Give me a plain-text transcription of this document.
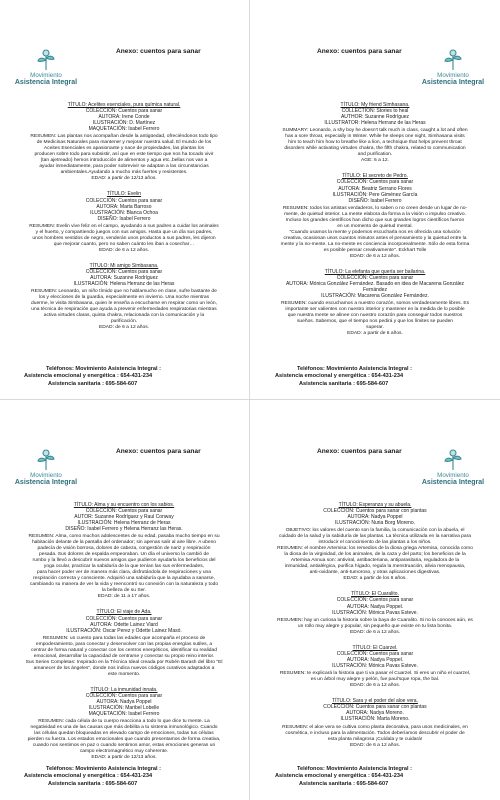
Movimiento
Asistencia Integral
Anexo: cuentos para sanar
TÍTULO: Acelites esenciales, pura química natural.
COLECCIÓN: Cuentos para sanar
AUTORA: Irene Conde
ILUSTRACIÓN: D. Martínez
MAQUETACIÓN: Isabel Ferrero
RESUMEN: Las plantas nos acompañan desde la antigüedad, ofreciéndonos todo tipo
de Medicinas Naturales para mantener y mejorar nuestra salud. El mundo de los
Aceites Esenciales es apasionante y nace de propiedades, las plantas los
producen sobre todo para subsistir, así que en este tiempo que nos ha tocado vivir
(tan ajetreado) hemos introducción de alimentos y agua etc.,bellas nos van a
ayudar inmediatamente, para poder sobrevivir se adaptan a las circunstancias
ambientales.Ayudando a mucho más fuertes y resistentes.
EDAD: a partir de 12/13 años.
TÍTULO: Evelin
COLECCIÓN: Cuentos para sanar
AUTORA: Marta Barroso
ILUSTRACIÓN: Blanca Ochoa
DISEÑO: Isabel Ferrero
RESUMEN: Evelin vive feliz en el campo, ayudando a sus padres a cuidar los animales
y el huerto, y compartiendo juegos con sus amigos. Hasta que un día sus padres,
unos hombres vestidos de negro, venderán unos productos a sus padres, les dijeron
que mejorar cuanto, pero no saben cuánto les iban a cosechar…
EDAD: de 6 a 12 años.
TÍTULO: Mi amigo Simbasana.
COLECCIÓN: Cuentos para sanar
AUTORA: Suzanne Rodríguez
ILUSTRACIÓN: Helena Herranz de las Heras
RESUMEN: Leonardo, un niño tímido que no hablamucho en clase, sufre bastante de
los y elecciones de la guardia, especialmente en invierno. Una noche mientras
duerme, le visita Simbasana, quien le enseña a escucharse en respirar como un león,
una técnica de respiración que ayuda a prevenir enfermedades respiratorias mientras
activa virtudes claras, quinta chakra, relacionada con la comunicación y la
purificación.
EDAD: de 6 a 12 años.
Teléfonos: Movimiento Asistencia Integral :
Asistencia emocional y energética : 654-431-234
Asistencia sanitaria : 695-584-607
Movimiento
Asistencia Integral
Anexo: cuentos para sanar
TÍTULO: My friend Simhasana.
COLLECTION: Stories to heal
AUTHOR: Suzanne Rodríguez
ILLUSTRATOR: Helena Herranz de las Heras
SUMMARY: Leonardo, a shy boy he doesn't talk much in class, caught a lot and often
has a sore throat, especially in Winter. While he sleeps one night, Simhasana visits
him to teach him how to breathe like a lion, a technique that helps prevent throat
disorders while activating virtudes chakra, the fifth chakra, related to communication
and purification.
AGE: 6 a 12.
TÍTULO: El secreto de Pedro.
COLECCIÓN: Cuentos para sanar
AUTORA: Beatriz Serrano Flores
ILUSTRACIÓN: Pere Giménez García
DISEÑO: Isabel Ferrero
RESUMEN: todos los artistas verdaderos, lo saben o no creen desde un lugar de no-
mente, de quietud interior. La mente elabora da forma a la visión o impulso creativo.
Incluso los grandes científicos han dicho que sus grandes logros científicos fueron
en un momento de quietud mental.
"Cuando usamos la mente y podemos escucharla nos es ofrecida una solución
creativa, ocasionan unos cuantos minutos antes el pensamiento y la quietud entre la
mente y la no-mente. La no-mente es conciencia incorporealmente. Sólo de esta forma
es posible pensar creativamente". Eckhart Tolle
EDAD: de 6 a 12 años.
TÍTULO: La elefanta que quería ser bailarina.
COLECCIÓN: Cuentos para sanar
AUTORA: Mónica González Fernández. Basado en idea de Macarena González
Fernández
ILUSTRACIÓN: Macarena González Fernández.
RESUMEN: cuando escuchamos a nuestro corazón, somos verdaderamente libres. Es
importante ser valientes con nuestro interior y mantener en la medida de lo posible
que nuestra mente se alinee con nuestro corazón para conseguir todos nuestros
sueños. Sabemos, que el tiempo nos pedirá y que los límites se pueden
superar.
EDAD: a partir de 6 años.
Teléfonos: Movimiento Asistencia Integral :
Asistencia emocional y energética : 654-431-234
Asistencia sanitaria : 695-584-607
Movimiento
Asistencia Integral
Anexo: cuentos para sanar
TÍTULO: Alma y su encuentro con los sabios.
COLECCIÓN: Cuentos para sanar
AUTOR: Suzanne Rodríguez y Raul Conway
ILUSTRACIÓN: Helena Herranz de Heras
DISEÑO: Isabel Ferrero y Helena Herranz las Heras.
RESUMEN: Alma, como muchos adolescentes de su edad, pasaba mucho tiempo en su
habitación delante de la pantalla del ordenador; sin apenas salir al aire libre. A ubeno
padecía de visión borrosa, dolores de cabeza, congestión de nariz y respiración
pesada. Sus dolores de espalda empeoraban. Un día el universo la cambió de
rumbo y la llevó a descubrir nuevos amigos que pudieron ayudarla los beneficios del
yoga ocular, practicar la sabiduría de la que tenían las sus enfermedades,
para hacer poder ver de manera más clara, disfrutándola de respiraciones y una
respiración correcta y consciente. Adquirió una sabiduría que la ayudaba a sanarse,
cambiando su manera de ver la vida y reencontró su conexión con la naturaleza y todo
la belleza de su Ser.
EDAD: de 11 a 17 años.
TÍTULO: El viaje de Ada.
COLECCIÓN: Cuentos para sanar
AUTORA: Odette Lainez Viard
ILUSTRACIÓN: Oscar Perez y Odette Lainez Masó.
RESUMEN: un cuento para todas las edades que acompaña el proceso de
empoderamiento, para conectar y desenvolver con las propias energías sutiles, a
centrar de forma natural y conectar con los centros energéticos, identificar su realidad
emocional, desarrollar la capacidad de centrarse y conectar su propio reino interior.
Sus Series Completas: Inspirado en la Técnica Ideal creada por Rubén Barash del libro "El
amanecer de los ángeles", donde nos indica nuevos códigos curativos adaptados a
este momento.
TÍTULO: La inmunidad innata.
COLECCIÓN: Cuentos para sanar
AUTORA: Nadya Poppel
ILUSTRACIÓN: Maribel Lobelle
MAQUETACIÓN: Isabel Ferrero
RESUMEN: cada célula de tu cuerpo reacciona a todo lo que dice tu mente. La
negatividad es una de las causas que más debilita a tu sistema inmunológico. Cuando
las células quedan bloqueadas en elevado campo de emociones, todas tus células
pierden su fuerza. Los estados emocionales que cuando presentamos de forma creativa,
cuando nos sentimos en paz o cuando sentimos amor, estas emociones generan un
campo electromagnético muy coherente.
EDAD: a partir de 12/13 años.
Teléfonos: Movimiento Asistencia Integral :
Asistencia emocional y energética : 654-431-234
Asistencia sanitaria : 695-584-607
Movimiento
Asistencia Integral
Anexo: cuentos para sanar
TÍTULO: Esperanza y su abuela.
COLECCIÓN: Cuentos para sanar con plantas
AUTORA: Nadya Poppel
ILUSTRACIÓN: Nuria Borg Moreno.
OBJETIVO: los valores del cuento son la familia, la comunicación con la abuela, el
cuidado de la salud y la sabiduría de las plantas. La técnica utilizada en la narrativa para
introducir el conocimiento de las plantas a los niños.
RESUMEN: el nombre Artemisa: los remedios de la diosa griega Artemisa, conocida como
la diosa de la virginidad, de los animales, de la caza y del parto; los beneficios de la
Artemisa Annua son: antiviral, antibacteriana, antiparasitaria, reguladora de la
inmunidad, antialérgica, purifica hígado, regula la menstruación, alivia menopausia,
anti-oxidante, anti-tumoroso, y otras aplicaciones digestivas.
EDAD: a partir de los 6 años.
TÍTULO: El Cuaralito.
COLECCIÓN: Cuentos para sanar
AUTORA: Nadya Poppel.
ILUSTRACIÓN: Mónica Pavas Esteve.
RESUMEN: hay un curiosa la historia sobre la baya de Cuaralito. Si no la conoces aún, es
un rollo muy alegre y popular, sin pequeño que existe en tu lista bonita.
EDAD: de 6 a 12 años.
TÍTULO: El Cuarzel.
COLECCIÓN: Cuentos para sanar
AUTORA: Nadya Poppel.
ILUSTRACIÓN: Mónica Pavas Esteve.
RESUMEN: te explicará la historia que ti va pasar el Cuarzel. Si eres un niño el cuarzel,
es un árbol muy alegre y pelón, fue paul'sque ropa, the bal.
EDAD: de 6 a 12 años.
TÍTULO: Sara y el poder del aloe vera.
COLECCIÓN: Cuentos para sanar con plantas
AUTORA: Nadya Moreno.
ILUSTRACIÓN: Marta Moreno.
RESUMEN: el aloe vera se cultiva como planta decorativa, para usos medicinales, en
cosmética, e incluso para la alimentación. Todos deberíamos descubrir el poder de
esta planta milagrosa ¡Cuídala y te cuidará!
EDAD: de 6 a 12 años.
Teléfonos: Movimiento Asistencia Integral :
Asistencia emocional y energética : 654-431-234
Asistencia sanitaria : 695-584-607
